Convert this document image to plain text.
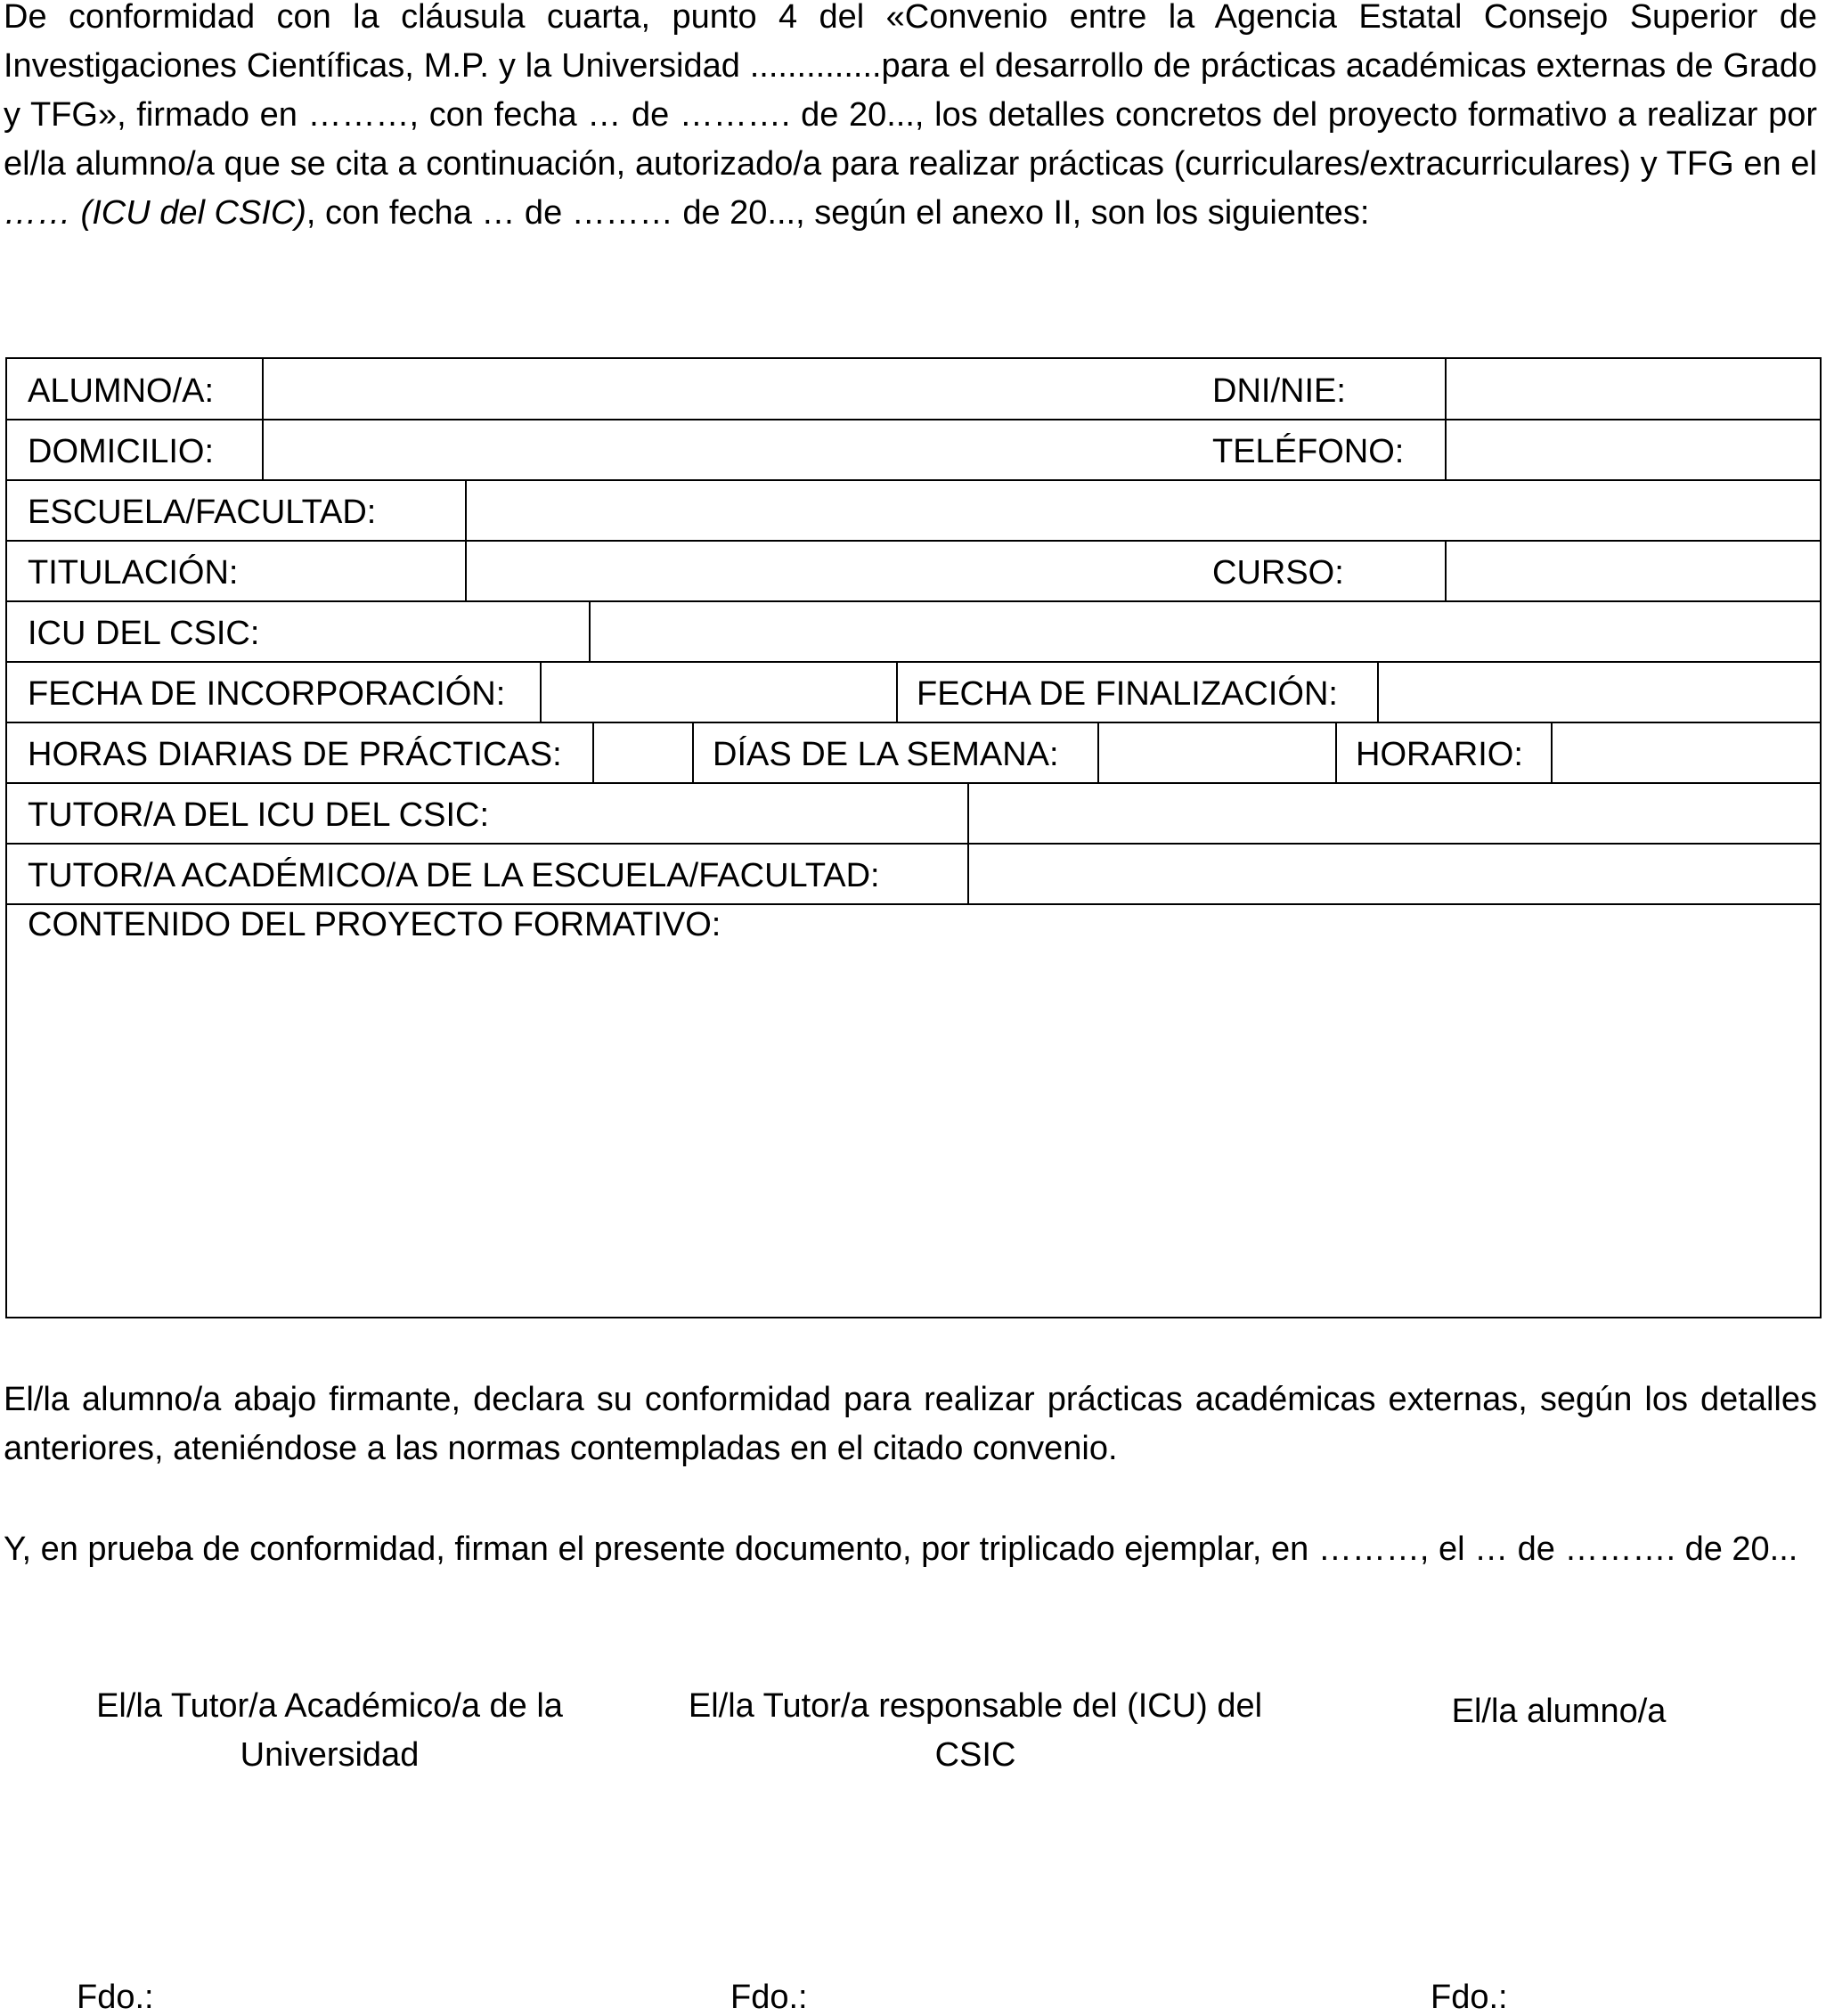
De conformidad con la cláusula cuarta, punto 4 del «Convenio entre la Agencia Estatal Consejo Superior de Investigaciones Científicas, M.P. y la Universidad ..............para el desarrollo de prácticas académicas externas de Grado y TFG», firmado en ………, con fecha … de ………. de 20..., los detalles concretos del proyecto formativo a realizar por el/la alumno/a que se cita a continuación, autorizado/a para realizar prácticas (curriculares/extracurriculares) y TFG en el …… (ICU del CSIC), con fecha … de ……… de 20..., según el anexo II, son los siguientes:

ALUMNO/A:	DNI/NIE:
DOMICILIO:	TELÉFONO:
ESCUELA/FACULTAD:
TITULACIÓN:	CURSO:
ICU DEL CSIC:
FECHA DE INCORPORACIÓN:	FECHA DE FINALIZACIÓN:
HORAS DIARIAS DE PRÁCTICAS:	DÍAS DE LA SEMANA:	HORARIO:
TUTOR/A DEL ICU DEL CSIC:
TUTOR/A ACADÉMICO/A DE LA ESCUELA/FACULTAD:
CONTENIDO DEL PROYECTO FORMATIVO:

El/la alumno/a abajo firmante, declara su conformidad para realizar prácticas académicas externas, según los detalles anteriores, ateniéndose a las normas contempladas en el citado convenio.

Y, en prueba de conformidad, firman el presente documento, por triplicado ejemplar, en ………, el … de ………. de 20...

El/la Tutor/a Académico/a de la Universidad

El/la Tutor/a responsable del (ICU) del CSIC

El/la alumno/a

Fdo.:	Fdo.:	Fdo.:
